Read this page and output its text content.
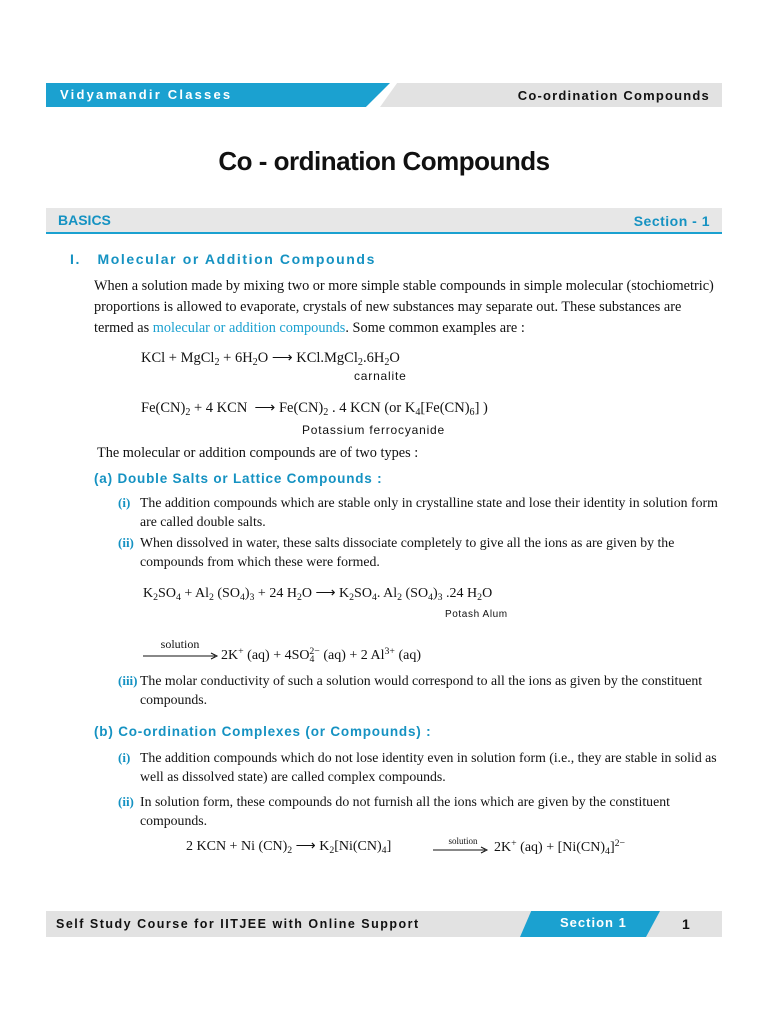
Vidyamandir Classes	Co-ordination Compounds
Co - ordination Compounds
BASICS	Section - 1
I.   Molecular or Addition Compounds
When a solution made by mixing two or more simple stable compounds in simple molecular (stochiometric)
proportions is allowed to evaporate, crystals of new substances may separate out. These substances are
termed as molecular or addition compounds. Some common examples are :
KCl + MgCl$_2$ + $6H_2O$ ⟶ $KCl.MgCl_2.6H_2O$
carnalite
$Fe(CN)_2 + 4$ KCN  ⟶ $Fe(CN)_2$ . 4 KCN (or $K_4[Fe(CN)_6]$ )
Potassium ferrocyanide
The molecular or addition compounds are of two types :
(a) Double Salts or Lattice Compounds :
(i) The addition compounds which are stable only in crystalline state and lose their identity in solution form are called double salts.
(ii) When dissolved in water, these salts dissociate completely to give all the ions as are given by the compounds from which these were formed.
$K_2SO_4 + Al_2$ $(SO_4)_3 + 24$ $H_2O$ ⟶ $K_2SO_4$. $Al_2$ $(SO_4)_3$ .24 $H_2O$
Potash Alum
solution
2K+ $(aq) + 4SO_4^{2-}$ (aq) + 2 $Al^{3+}$ (aq)
(iii) The molar conductivity of such a solution would correspond to all the ions as given by the constituent compounds.
(b) Co-ordination Complexes (or Compounds) :
(i) The addition compounds which do not lose identity even in solution form (i.e., they are stable in solid as well as dissolved state) are called complex compounds.
(ii) In solution form, these compounds do not furnish all the ions which are given by the constituent compounds.
2 KCN + Ni $(CN)_2$ ⟶ $K_2[Ni(CN)_4]$	solution	2K+ $(aq) + [Ni(CN)_4]^{2-}$
Self Study Course for IITJEE with Online Support	Section 1	1
